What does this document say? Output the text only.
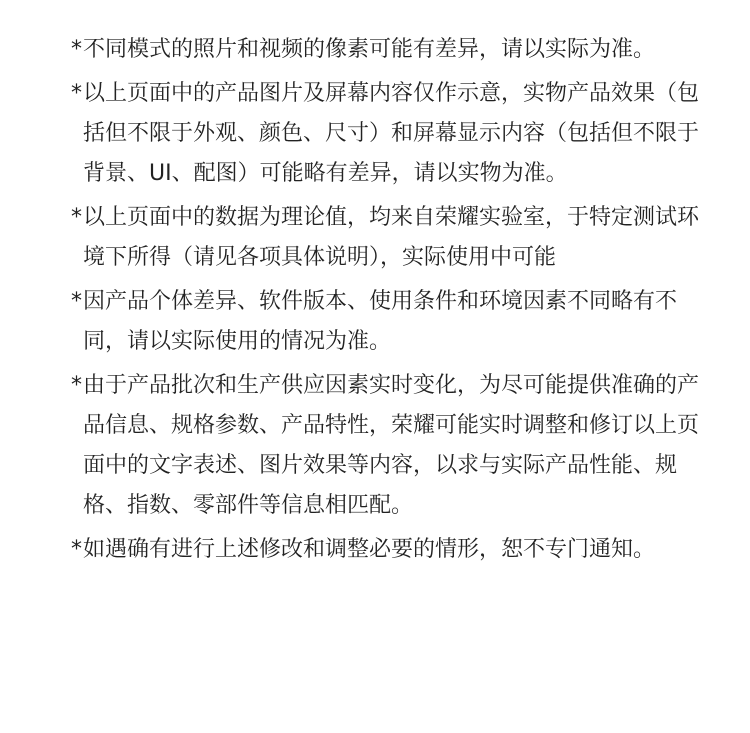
* 不同模式的照片和视频的像素可能有差异，请以实际为准。
* 以上页面中的产品图片及屏幕内容仅作示意，实物产品效果（包括但不限于外观、颜色、尺寸）和屏幕显示内容（包括但不限于背景、UI、配图）可能略有差异，请以实物为准。
* 以上页面中的数据为理论值，均来自荣耀实验室，于特定测试环境下所得（请见各项具体说明），实际使用中可能
* 因产品个体差异、软件版本、使用条件和环境因素不同略有不同，请以实际使用的情况为准。
* 由于产品批次和生产供应因素实时变化，为尽可能提供准确的产品信息、规格参数、产品特性，荣耀可能实时调整和修订以上页面中的文字表述、图片效果等内容，以求与实际产品性能、规格、指数、零部件等信息相匹配。
* 如遇确有进行上述修改和调整必要的情形，恕不专门通知。
